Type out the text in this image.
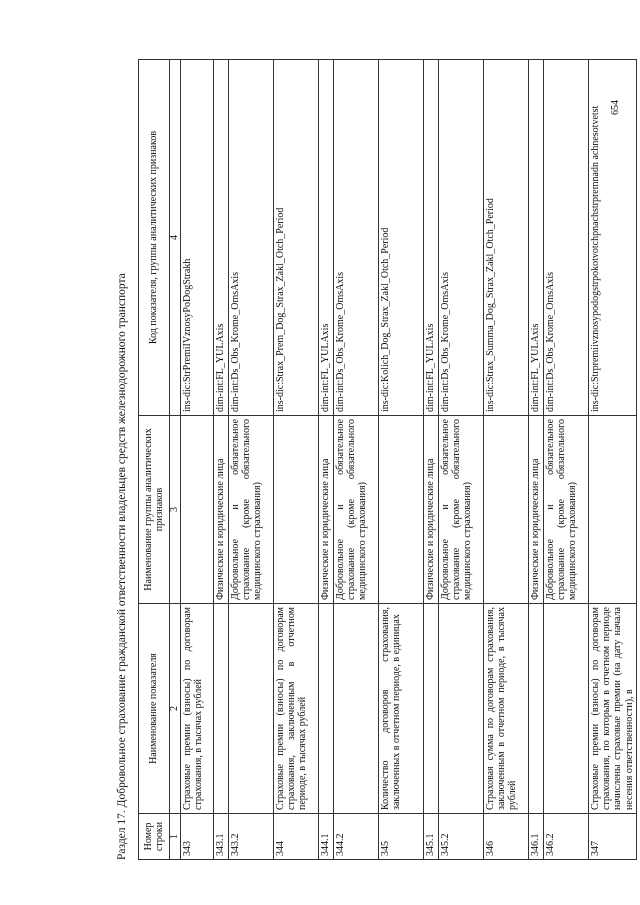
654
Раздел 17. Добровольное страхование гражданской ответственности владельцев средств железнодорожного транспорта	Номер строки	Наименование показателя	Наименование группы аналитических признаков	Код показателя, группы аналитических признаков
1	2	3	4
343	Страховые премии (взносы) по договорам страхования, в тысячах рублей		ins-dic:StrPremiIVznosyPoDogStrakh
343.1		Физические и юридические лица	dim-int:FL_YULAxis
343.2		Добровольное и обязательное страхование (кроме обязательного медицинского страхования)	dim-int:Ds_Obs_Krome_OmsAxis
344	Страховые премии (взносы) по договорам страхования, заключенным в отчетном периоде, в тысячах рублей		ins-dic:Strax_Prem_Dog_Strax_Zakl_Otch_Period
344.1		Физические и юридические лица	dim-int:FL_YULAxis
344.2		Добровольное и обязательное страхование (кроме обязательного медицинского страхования)	dim-int:Ds_Obs_Krome_OmsAxis
345	Количество договоров страхования, заключенных в отчетном периоде, в единицах		ins-dic:Kolich_Dog_Strax_Zakl_Otch_Period
345.1		Физические и юридические лица	dim-int:FL_YULAxis
345.2		Добровольное и обязательное страхование (кроме обязательного медицинского страхования)	dim-int:Ds_Obs_Krome_OmsAxis
346	Страховая сумма по договорам страхования, заключенным в отчетном периоде, в тысячах рублей		ins-dic:Strax_Summa_Dog_Strax_Zakl_Otch_Period
346.1		Физические и юридические лица	dim-int:FL_YULAxis
346.2		Добровольное и обязательное страхование (кроме обязательного медицинского страхования)	dim-int:Ds_Obs_Krome_OmsAxis
347	Страховые премии (взносы) по договорам страхования, по которым в отчетном периоде начислены страховые премии (на дату начала несения ответственности), в		ins-dic:Strpremiivznosypodogstrpokotvotchpnachstrpremnadn achnesotvetst
